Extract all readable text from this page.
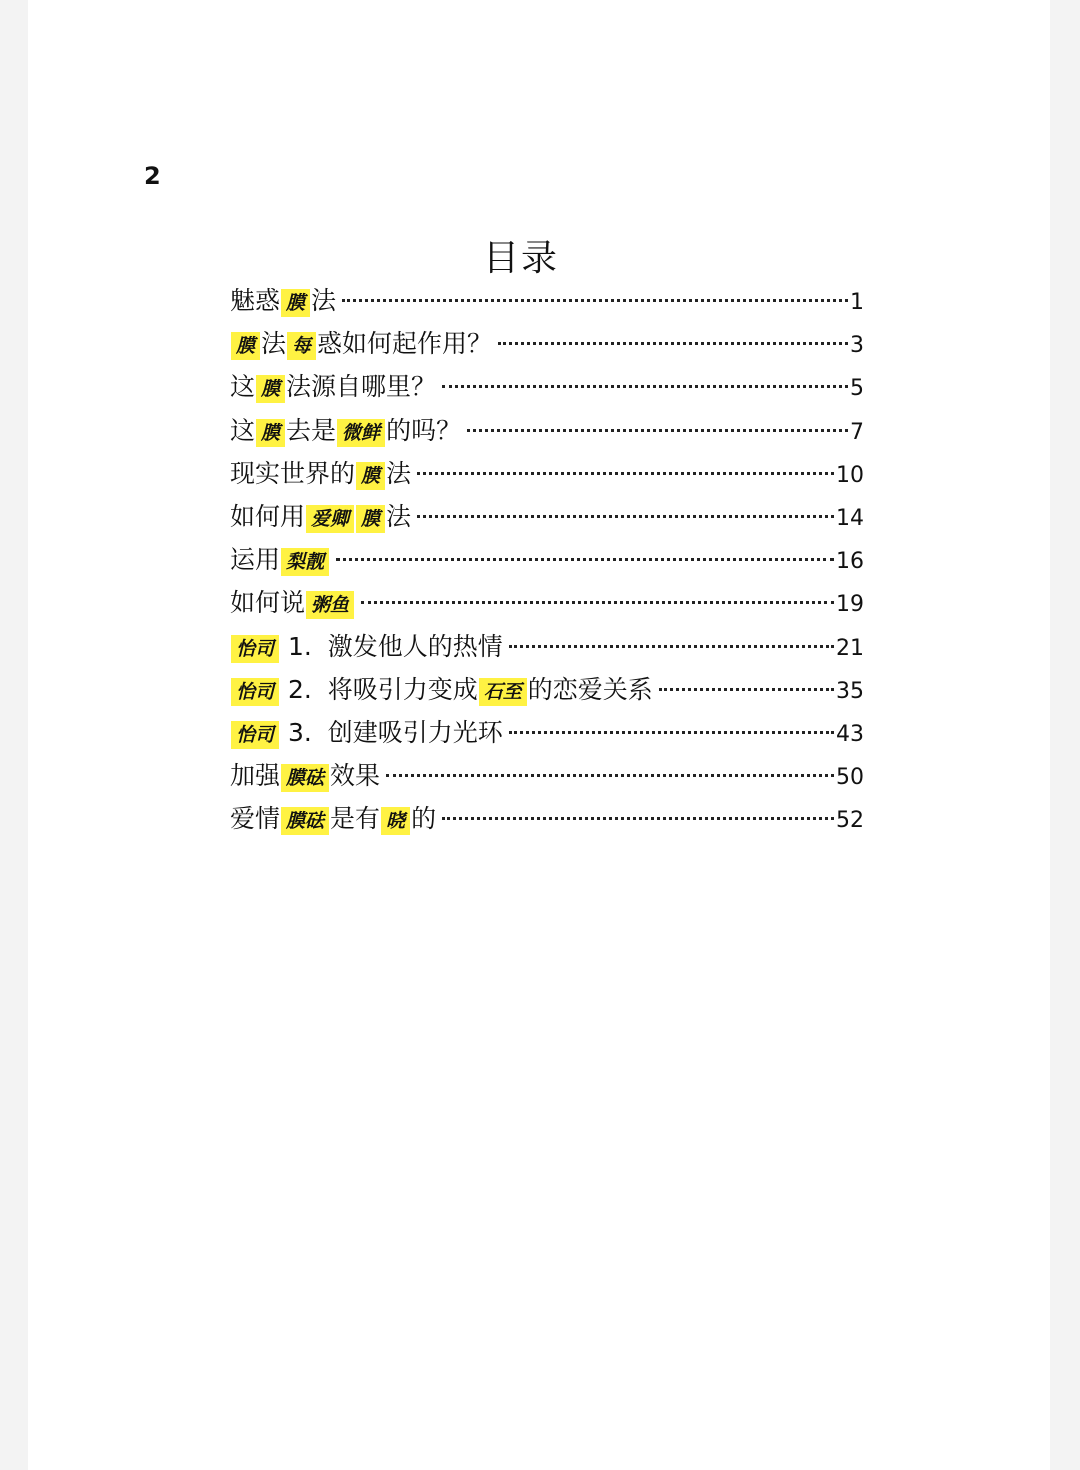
2
目录
魅惑 膜 法	1
膜 法 每 惑如何起作用？	3
这 膜 法源自哪里？	5
这 膜 去是 微鲜 的吗？	7
现实世界的 膜 法	10
如何用 爱卿 膜 法	14
运用 梨靓	16
如何说 粥鱼	19
怡司 1.  激发他人的热情	21
怡司 2.  将吸引力变成 石至 的恋爱关系	35
怡司 3.  创建吸引力光环	43
加强 膜砝 效果	50
爱情 膜砝 是有 晓 的	52
